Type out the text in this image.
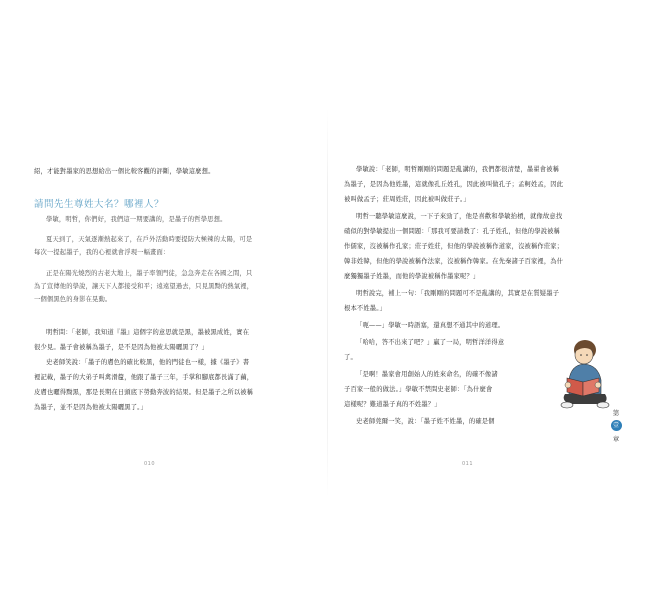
紹，才能對墨家的思想給出一個比較客觀的評斷，學敏這麼想。
請問先生尊姓大名？哪裡人？
學敏，明哲，你們好，我們這一期要講的，是墨子的哲學思想。
夏天到了，天氣逐漸熱起來了，在戶外活動時要提防大極辣的太陽，可是
每次一提起墨子，我的心裡就會浮現一幅畫面：
正是在陽光燒烈的古老大地上，墨子率領門徒，急急奔走在各國之間，只
為了宣傳他的學說，讓天下人都接受和平；遠遠望過去，只見黑黝的熱氣裡，
一個個黑色的身影在晃動。
明哲問：「老師，我知道『墨』這個字的意思就是黑，墨被黑成姓，實在
很少見。墨子會被稱為墨子，是不是因為他被太陽曬黑了？」
史老師笑說：「墨子的膚色的確比較黑，他的門徒也一樣，據《墨子》書
裡記載，墨子的大弟子叫禽滑釐，他跟了墨子三年，手掌和腳底都長滿了繭，
皮膚也曬得黝黑，那是長期在日頭底下勞動奔波的結果。但是墨子之所以被稱
為墨子，並不是因為他被太陽曬黑了。」
010
學敏說：「老師，明哲剛剛的問題是亂講的，我們都很清楚，墨翟會被稱
為墨子，是因為他姓墨，這就像孔丘姓孔，因此被叫做孔子；孟軻姓孟，因此
被叫做孟子；莊周姓莊，因此被叫做莊子。」
明哲一聽學敏這麼說，一下子來勁了，他是喜歡和學敏抬槓，就像故意找
碴似的對學敏提出一個問題：「那我可要請教了：孔子姓孔，但他的學說被稱
作儒家，沒被稱作孔家；莊子姓莊，但他的學說被稱作道家，沒被稱作莊家；
韓非姓韓，但他的學說被稱作法家，沒被稱作韓家。在先秦諸子百家裡，為什
麼獨獨墨子姓墨，而他的學說被稱作墨家呢？」
明哲說完，補上一句：「我剛剛的問題可不是亂講的，其實是在質疑墨子
根本不姓墨。」
「呃——」學敏一時語塞，還真想不通其中的道理。
「哈哈，答不出來了吧？」贏了一局，明哲洋洋得意
了。
「是啊！墨家會用創始人的姓來命名，的確不像諸
子百家一般的做法。」學敏不禁問史老師：「為什麼會
這樣呢？難道墨子真的不姓墨？」
史老師莞爾一笑，說：「墨子姓不姓墨，的確是個
011
第
壹
章
